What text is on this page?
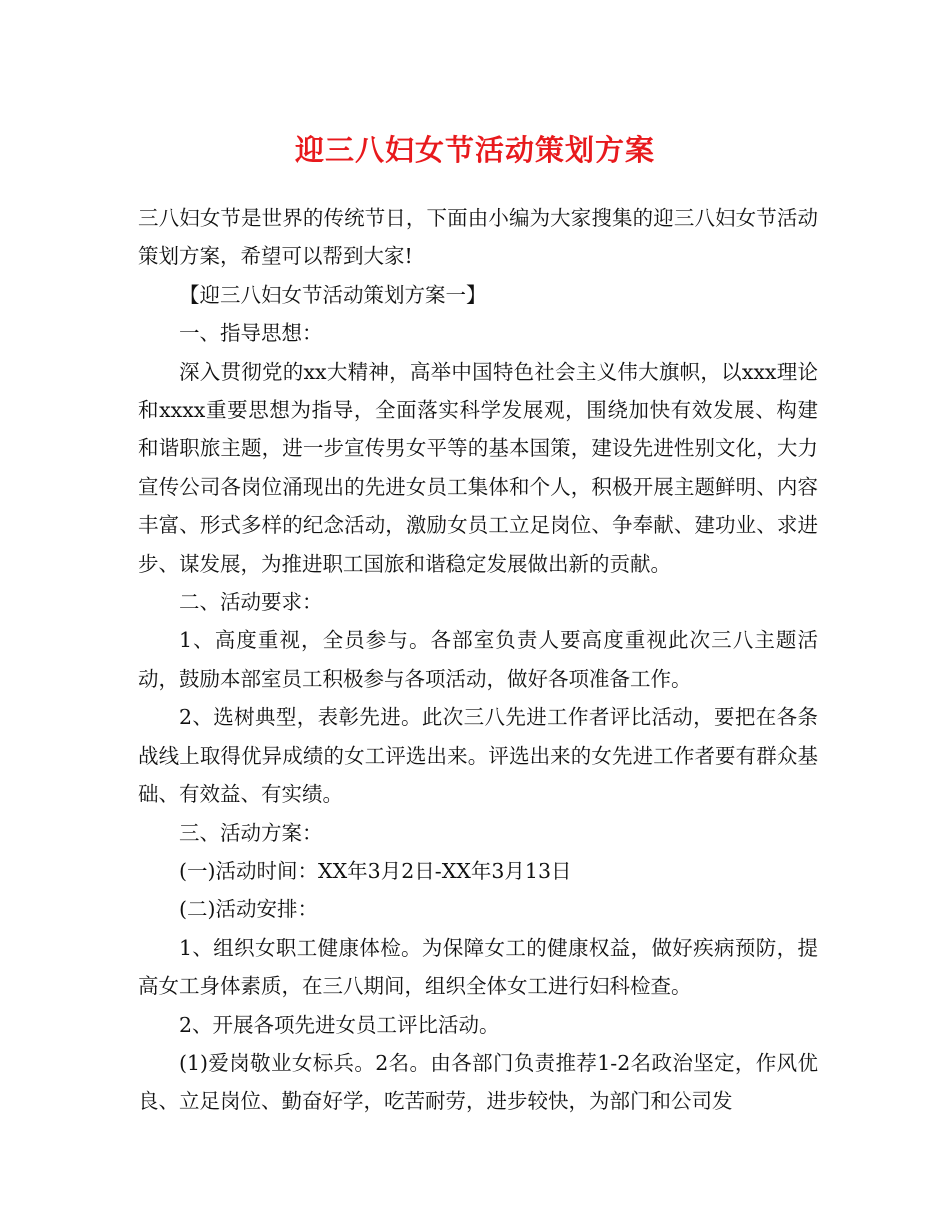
迎三八妇女节活动策划方案

三八妇女节是世界的传统节日，下面由小编为大家搜集的迎三八妇女节活动策划方案，希望可以帮到大家!

【迎三八妇女节活动策划方案一】

一、指导思想：

深入贯彻党的xx大精神，高举中国特色社会主义伟大旗帜，以xxx理论和xxxx重要思想为指导，全面落实科学发展观，围绕加快有效发展、构建和谐职旅主题，进一步宣传男女平等的基本国策，建设先进性别文化，大力宣传公司各岗位涌现出的先进女员工集体和个人，积极开展主题鲜明、内容丰富、形式多样的纪念活动，激励女员工立足岗位、争奉献、建功业、求进步、谋发展，为推进职工国旅和谐稳定发展做出新的贡献。

二、活动要求：

1、高度重视，全员参与。各部室负责人要高度重视此次三八主题活动，鼓励本部室员工积极参与各项活动，做好各项准备工作。

2、选树典型，表彰先进。此次三八先进工作者评比活动，要把在各条战线上取得优异成绩的女工评选出来。评选出来的女先进工作者要有群众基础、有效益、有实绩。

三、活动方案：

(一)活动时间：XX年3月2日-XX年3月13日

(二)活动安排：

1、组织女职工健康体检。为保障女工的健康权益，做好疾病预防，提高女工身体素质，在三八期间，组织全体女工进行妇科检查。

2、开展各项先进女员工评比活动。

(1)爱岗敬业女标兵。2名。由各部门负责推荐1-2名政治坚定，作风优良、立足岗位、勤奋好学，吃苦耐劳，进步较快，为部门和公司发
